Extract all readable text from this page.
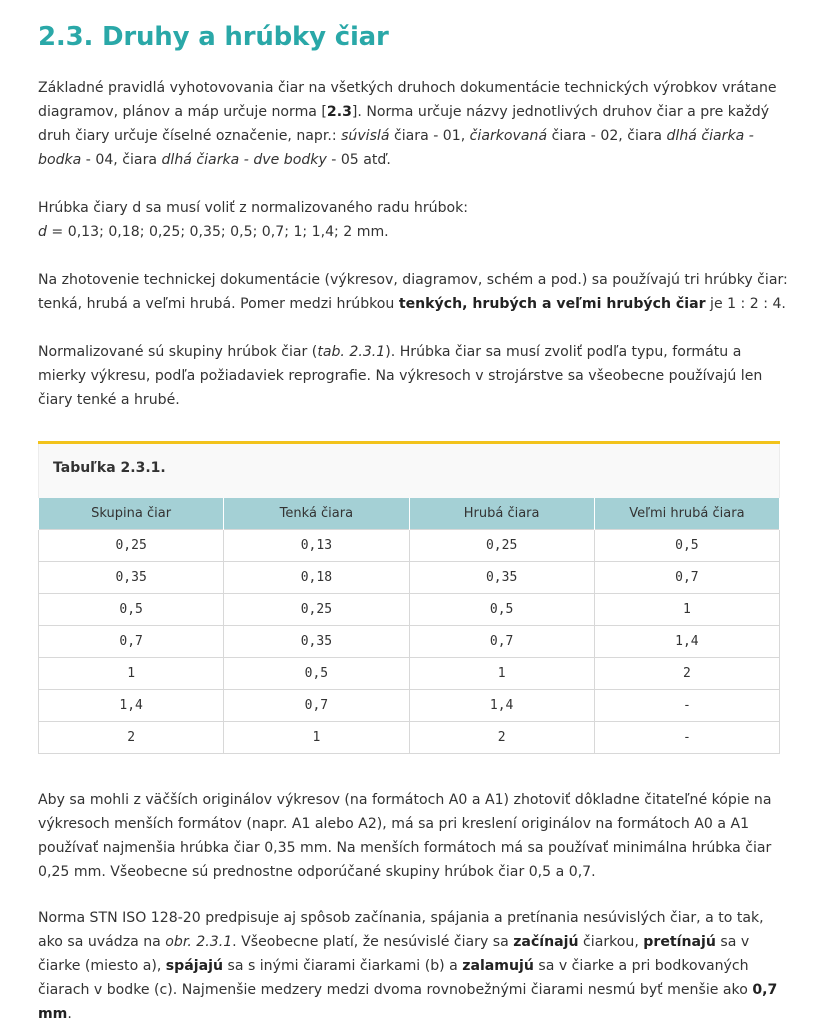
2.3. Druhy a hrúbky čiar

Základné pravidlá vyhotovovania čiar na všetkých druhoch dokumentácie technických výrobkov vrátane diagramov, plánov a máp určuje norma [2.3]. Norma určuje názvy jednotlivých druhov čiar a pre každý druh čiary určuje číselné označenie, napr.: súvislá čiara - 01, čiarkovaná čiara - 02, čiara dlhá čiarka - bodka - 04, čiara dlhá čiarka - dve bodky - 05 atď.

Hrúbka čiary d sa musí voliť z normalizovaného radu hrúbok:
d = 0,13; 0,18; 0,25; 0,35; 0,5; 0,7; 1; 1,4; 2 mm.

Na zhotovenie technickej dokumentácie (výkresov, diagramov, schém a pod.) sa používajú tri hrúbky čiar: tenká, hrubá a veľmi hrubá. Pomer medzi hrúbkou tenkých, hrubých a veľmi hrubých čiar je 1 : 2 : 4.

Normalizované sú skupiny hrúbok čiar (tab. 2.3.1). Hrúbka čiar sa musí zvoliť podľa typu, formátu a mierky výkresu, podľa požiadaviek reprografie. Na výkresoch v strojárstve sa všeobecne používajú len čiary tenké a hrubé.

Tabuľka 2.3.1.
Skupina čiar	Tenká čiara	Hrubá čiara	Veľmi hrubá čiara
0,25	0,13	0,25	0,5
0,35	0,18	0,35	0,7
0,5	0,25	0,5	1
0,7	0,35	0,7	1,4
1	0,5	1	2
1,4	0,7	1,4	-
2	1	2	-

Aby sa mohli z väčších originálov výkresov (na formátoch A0 a A1) zhotoviť dôkladne čitateľné kópie na výkresoch menších formátov (napr. A1 alebo A2), má sa pri kreslení originálov na formátoch A0 a A1 používať najmenšia hrúbka čiar 0,35 mm. Na menších formátoch má sa používať minimálna hrúbka čiar 0,25 mm. Všeobecne sú prednostne odporúčané skupiny hrúbok čiar 0,5 a 0,7.

Norma STN ISO 128-20 predpisuje aj spôsob začínania, spájania a pretínania nesúvislých čiar, a to tak, ako sa uvádza na obr. 2.3.1. Všeobecne platí, že nesúvislé čiary sa začínajú čiarkou, pretínajú sa v čiarke (miesto a), spájajú sa s inými čiarami čiarkami (b) a zalamujú sa v čiarke a pri bodkovaných čiarach v bodke (c). Najmenšie medzery medzi dvoma rovnobežnými čiarami nesmú byť menšie ako 0,7 mm.
